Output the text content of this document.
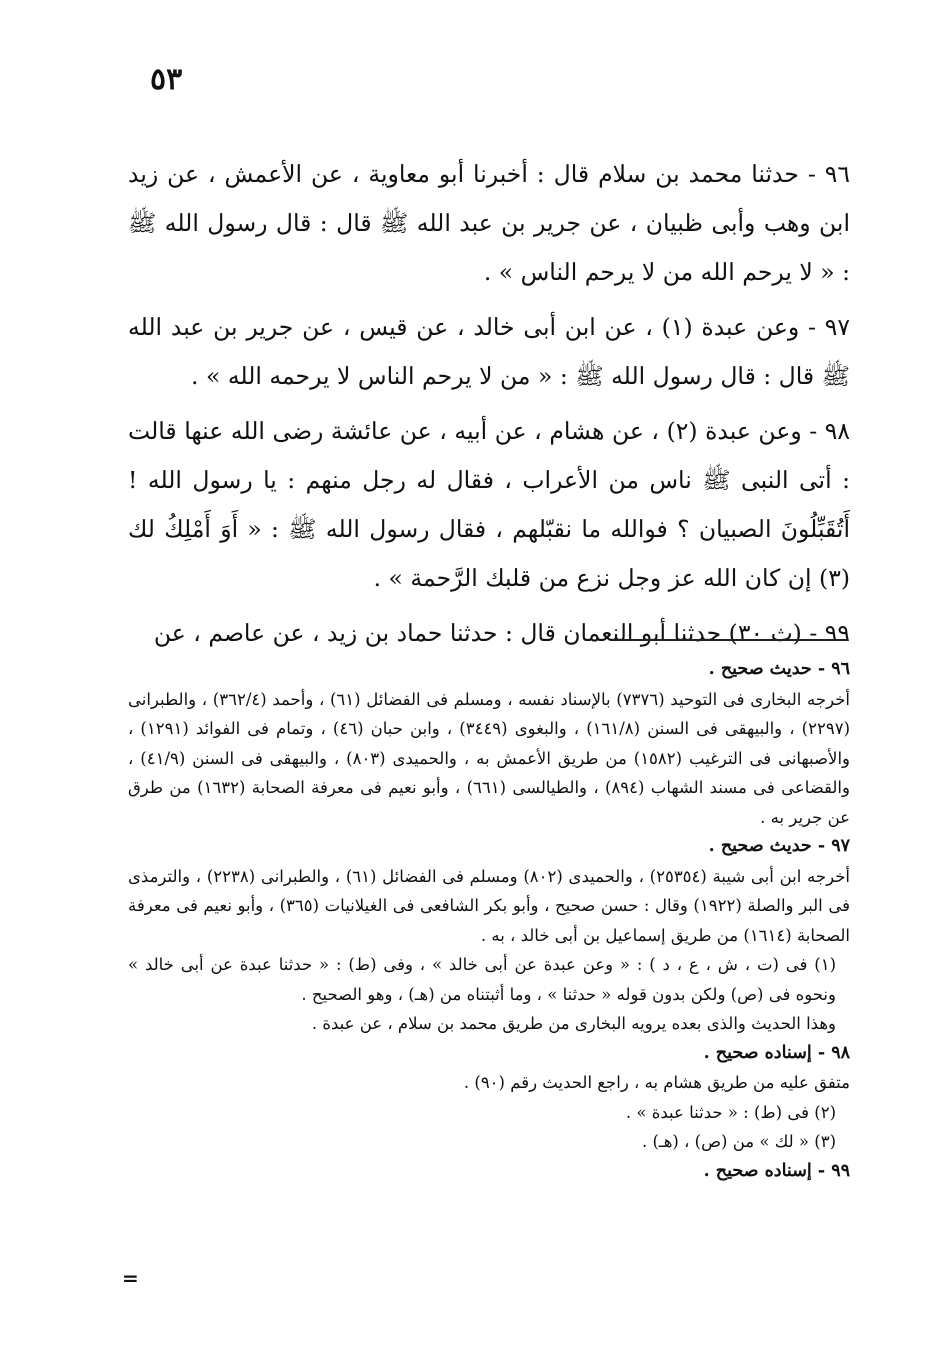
٥٣

٩٦ - حدثنا محمد بن سلام قال : أخبرنا أبو معاوية ، عن الأعمش ، عن زيد ابن وهب وأبى ظبيان ، عن جرير بن عبد الله ﷺ قال : قال رسول الله ﷺ : « لا يرحم الله من لا يرحم الناس » .

٩٧ - وعن عبدة (١) ، عن ابن أبى خالد ، عن قيس ، عن جرير بن عبد الله ﷺ قال : قال رسول الله ﷺ : « من لا يرحم الناس لا يرحمه الله » .

٩٨ - وعن عبدة (٢) ، عن هشام ، عن أبيه ، عن عائشة رضى الله عنها قالت : أتى النبى ﷺ ناس من الأعراب ، فقال له رجل منهم : يا رسول الله ! أَتُقَبِّلُونَ الصبيان ؟ فوالله ما نقبّلهم ، فقال رسول الله ﷺ : « أَوَ أَمْلِكُ لك (٣) إن كان الله عز وجل نزع من قلبك الرَّحمة » .

٩٩ - (ث ٣٠) حدثنا أبو النعمان قال : حدثنا حماد بن زيد ، عن عاصم ، عن

٩٦ - حديث صحيح .

أخرجه البخارى فى التوحيد (٧٣٧٦) بالإسناد نفسه ، ومسلم فى الفضائل (٦١) ، وأحمد (٣٦٢/٤) ، والطبرانى (٢٢٩٧) ، والبيهقى فى السنن (١٦١/٨) ، والبغوى (٣٤٤٩) ، وابن حبان (٤٦) ، وتمام فى الفوائد (١٢٩١) ، والأصبهانى فى الترغيب (١٥٨٢) من طريق الأعمش به ، والحميدى (٨٠٣) ، والبيهقى فى السنن (٤١/٩) ، والقضاعى فى مسند الشهاب (٨٩٤) ، والطيالسى (٦٦١) ، وأبو نعيم فى معرفة الصحابة (١٦٣٢) من طرق عن جرير به .

٩٧ - حديث صحيح .

أخرجه ابن أبى شيبة (٢٥٣٥٤) ، والحميدى (٨٠٢) ومسلم فى الفضائل (٦١) ، والطبرانى (٢٢٣٨) ، والترمذى فى البر والصلة (١٩٢٢) وقال : حسن صحيح ، وأبو بكر الشافعى فى الغيلانيات (٣٦٥) ، وأبو نعيم فى معرفة الصحابة (١٦١٤) من طريق إسماعيل بن أبى خالد ، به .

(١) فى (ت ، ش ، ع ، د ) : « وعن عبدة عن أبى خالد » ، وفى (ط) : « حدثنا عبدة عن أبى خالد » ونحوه فى (ص) ولكن بدون قوله « حدثنا » ، وما أثبتناه من (هـ) ، وهو الصحيح .

وهذا الحديث والذى بعده يرويه البخارى من طريق محمد بن سلام ، عن عبدة .

٩٨ - إسناده صحيح .

متفق عليه من طريق هشام به ، راجع الحديث رقم (٩٠) .

(٢) فى (ط) : « حدثنا عبدة » .

(٣) « لك » من (ص) ، (هـ) .

٩٩ - إسناده صحيح .

=
